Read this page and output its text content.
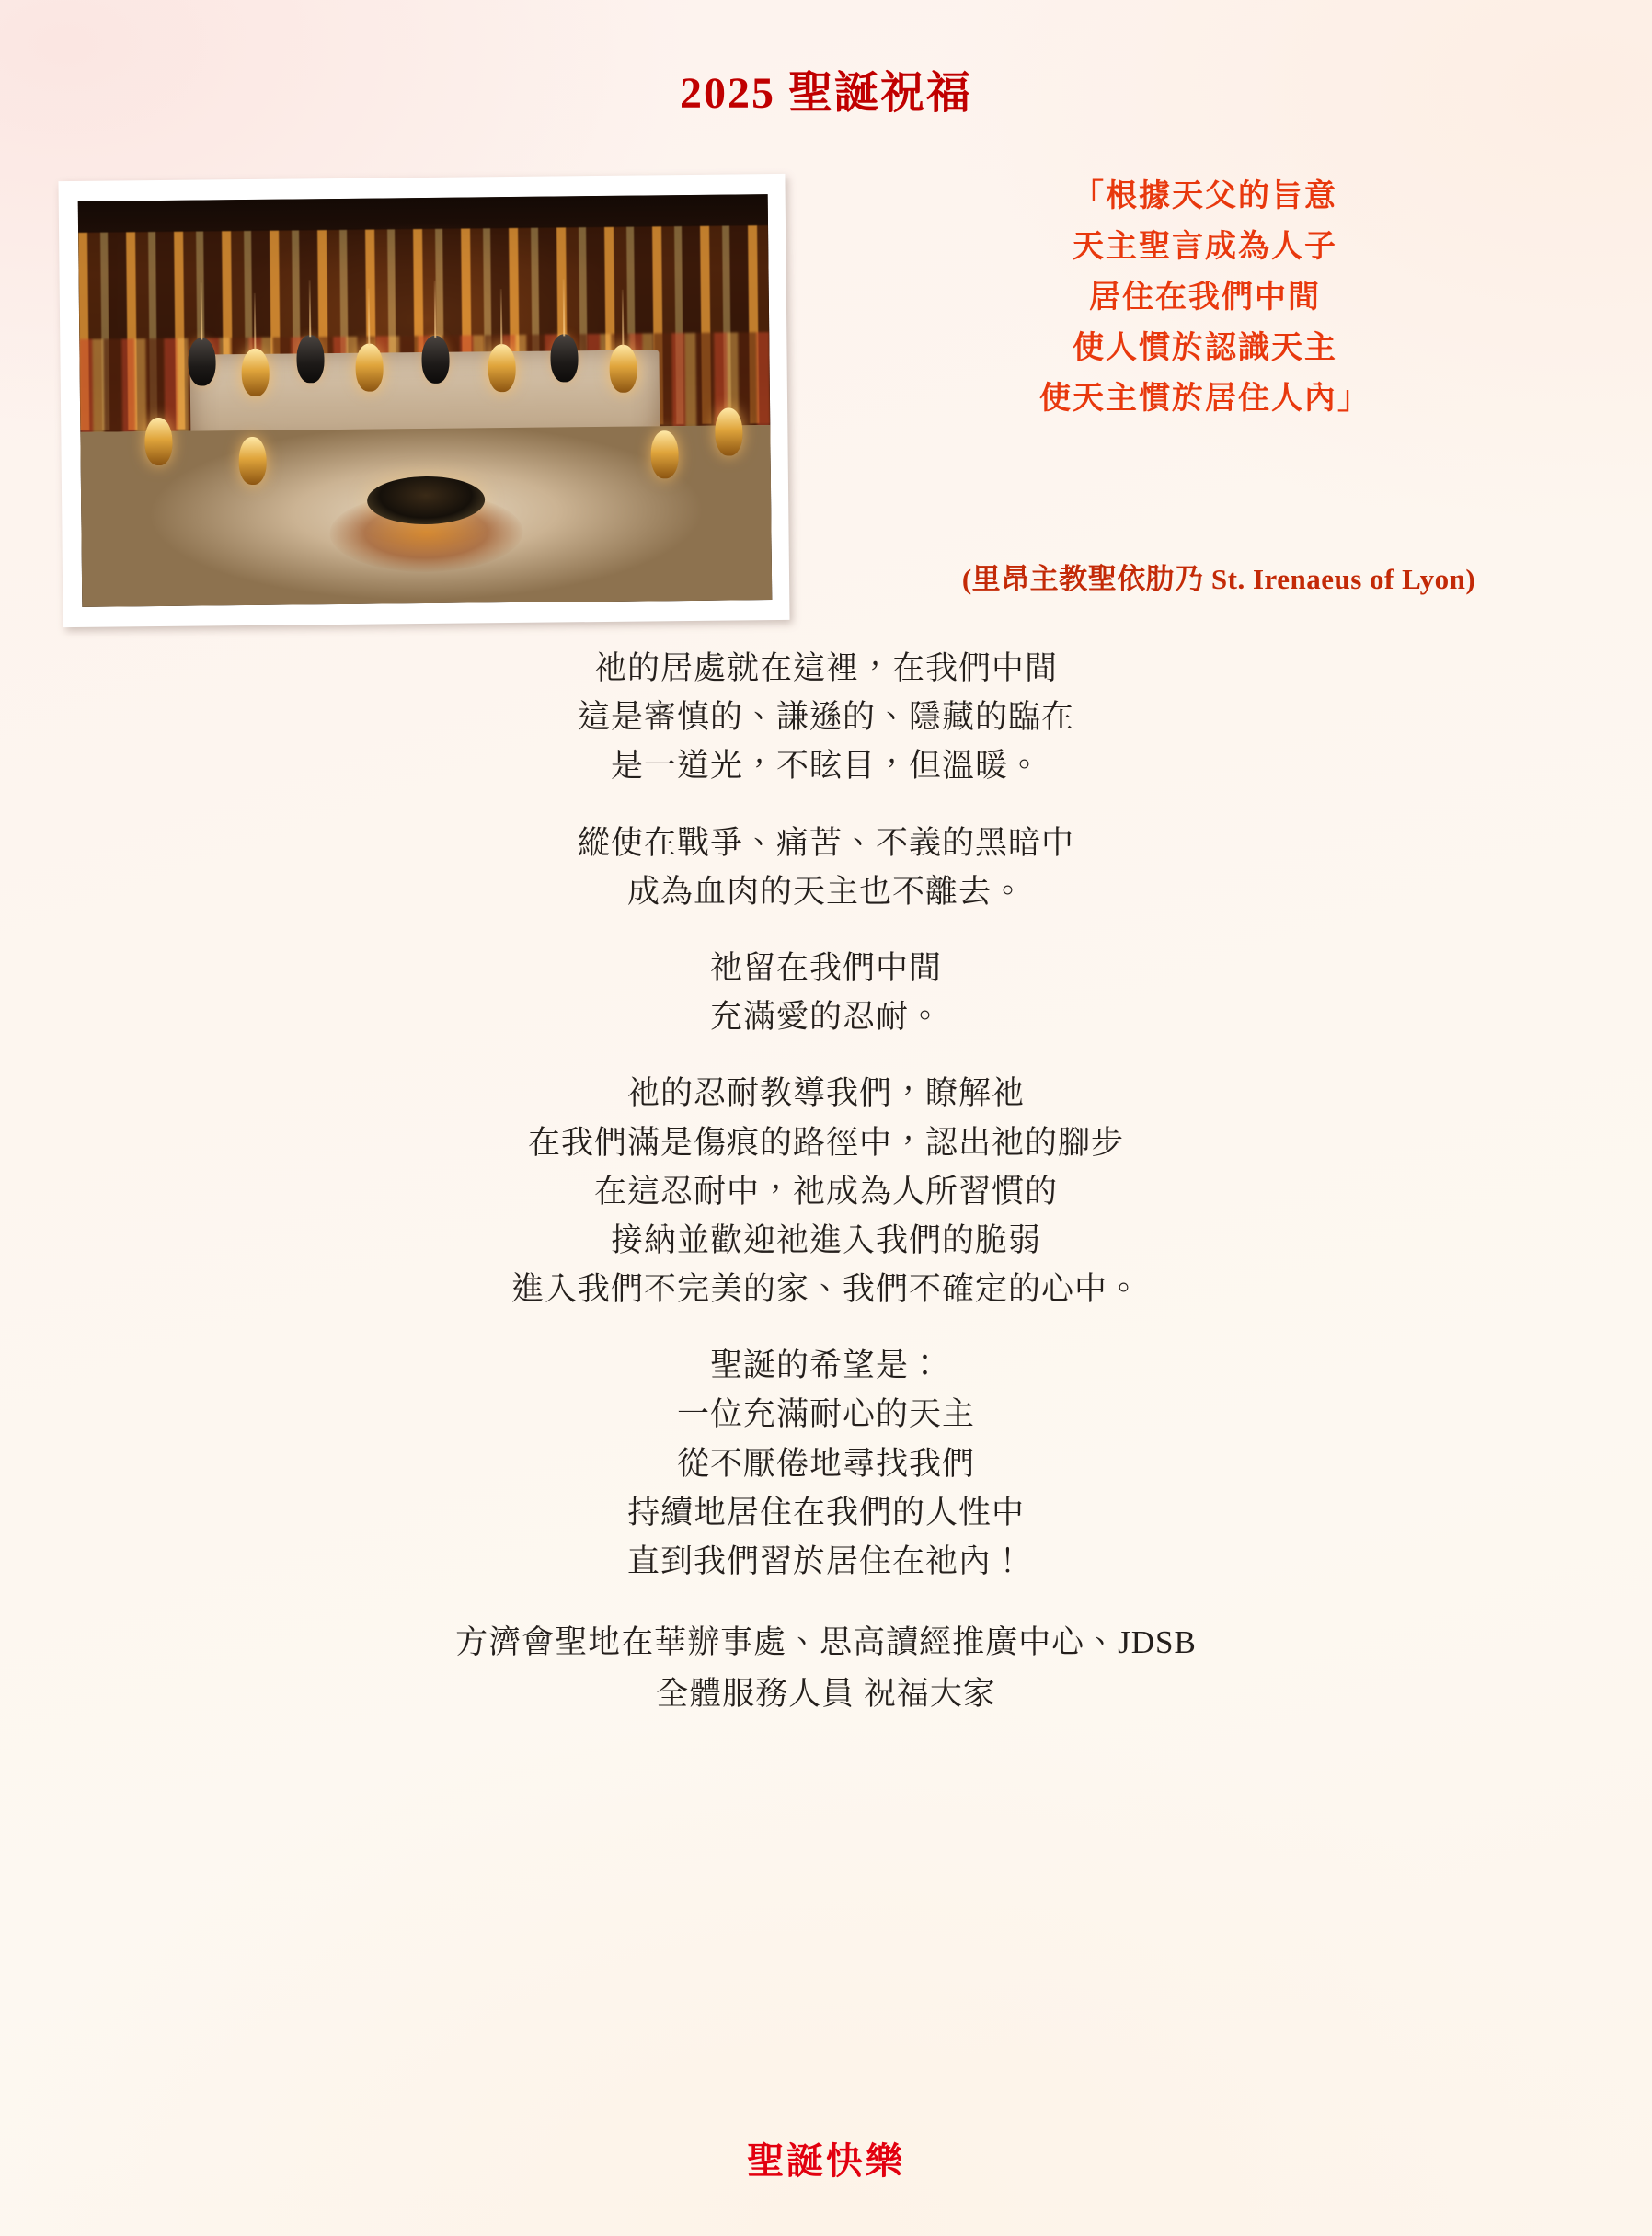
2025 聖誕祝福
「根據天父的旨意
天主聖言成為人子
居住在我們中間
使人慣於認識天主
使天主慣於居住人內」
(里昂主教聖依肋乃 St. Irenaeus of Lyon)
祂的居處就在這裡，在我們中間
這是審慎的、謙遜的、隱藏的臨在
是一道光，不眩目，但溫暖。
縱使在戰爭、痛苦、不義的黑暗中
成為血肉的天主也不離去。
祂留在我們中間
充滿愛的忍耐。
祂的忍耐教導我們，瞭解祂
在我們滿是傷痕的路徑中，認出祂的腳步
在這忍耐中，祂成為人所習慣的
接納並歡迎祂進入我們的脆弱
進入我們不完美的家、我們不確定的心中。
聖誕的希望是：
一位充滿耐心的天主
從不厭倦地尋找我們
持續地居住在我們的人性中
直到我們習於居住在祂內！
方濟會聖地在華辦事處、思高讀經推廣中心、JDSB
全體服務人員 祝福大家
聖誕快樂
